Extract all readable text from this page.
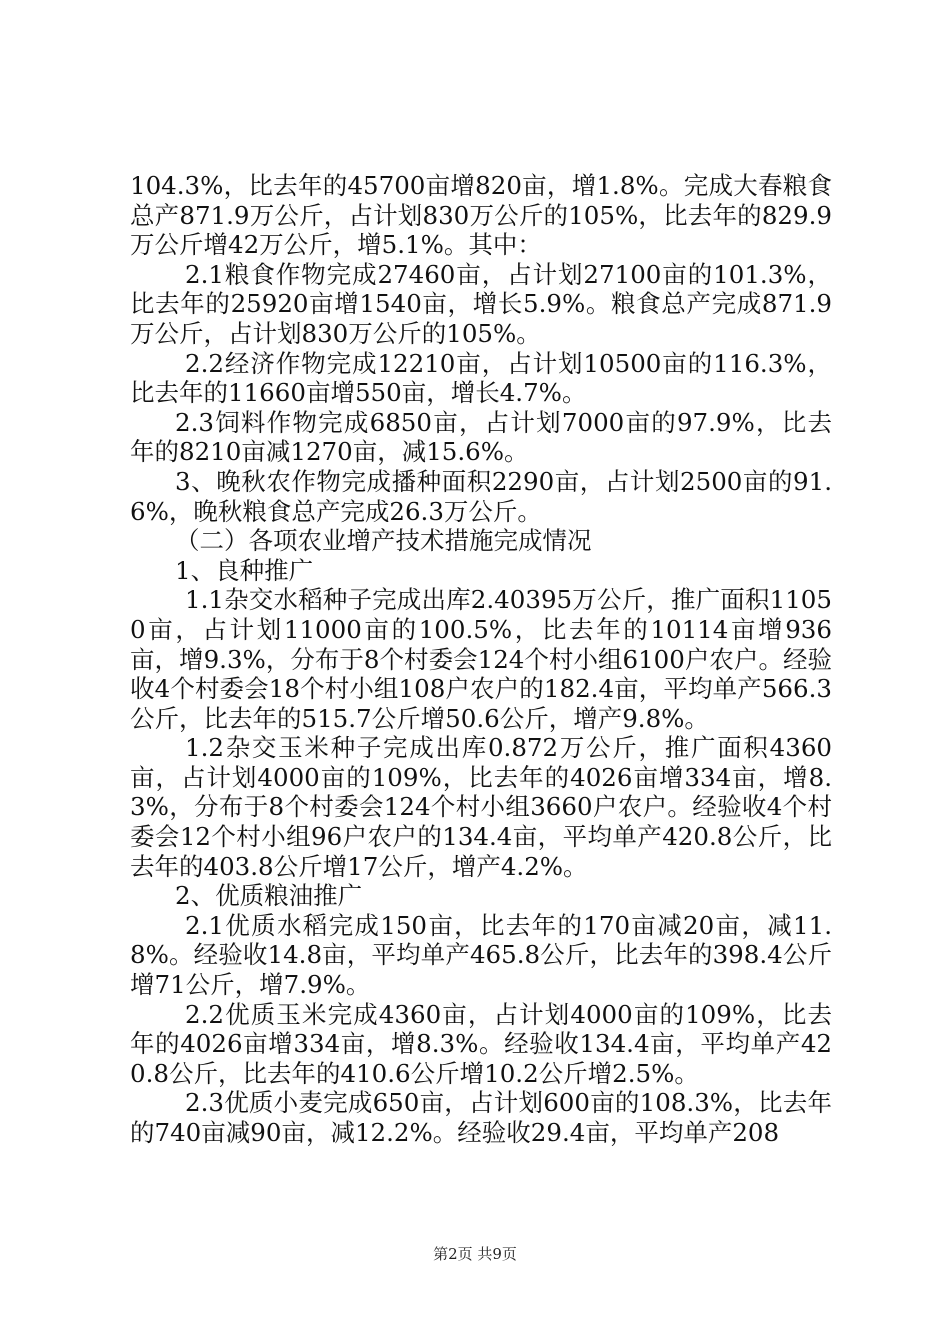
104.3%，比去年的45700亩增820亩，增1.8%。完成大春粮食总产871.9万公斤，占计划830万公斤的105%，比去年的829.9万公斤增42万公斤，增5.1%。其中：

2.1粮食作物完成27460亩，占计划27100亩的101.3%，比去年的25920亩增1540亩，增长5.9%。粮食总产完成871.9万公斤，占计划830万公斤的105%。

2.2经济作物完成12210亩，占计划10500亩的116.3%，比去年的11660亩增550亩，增长4.7%。

2.3饲料作物完成6850亩，占计划7000亩的97.9%，比去年的8210亩减1270亩，减15.6%。

3、晚秋农作物完成播种面积2290亩，占计划2500亩的91.6%，晚秋粮食总产完成26.3万公斤。

（二）各项农业增产技术措施完成情况

1、良种推广

1.1杂交水稻种子完成出库2.40395万公斤，推广面积11050亩，占计划11000亩的100.5%，比去年的10114亩增936亩，增9.3%，分布于8个村委会124个村小组6100户农户。经验收4个村委会18个村小组108户农户的182.4亩，平均单产566.3公斤，比去年的515.7公斤增50.6公斤，增产9.8%。

1.2杂交玉米种子完成出库0.872万公斤，推广面积4360亩，占计划4000亩的109%，比去年的4026亩增334亩，增8.3%，分布于8个村委会124个村小组3660户农户。经验收4个村委会12个村小组96户农户的134.4亩，平均单产420.8公斤，比去年的403.8公斤增17公斤，增产4.2%。

2、优质粮油推广

2.1优质水稻完成150亩，比去年的170亩减20亩，减11.8%。经验收14.8亩，平均单产465.8公斤，比去年的398.4公斤增71公斤，增7.9%。

2.2优质玉米完成4360亩，占计划4000亩的109%，比去年的4026亩增334亩，增8.3%。经验收134.4亩，平均单产420.8公斤，比去年的410.6公斤增10.2公斤增2.5%。

2.3优质小麦完成650亩，占计划600亩的108.3%，比去年的740亩减90亩，减12.2%。经验收29.4亩，平均单产208

第2页 共9页
